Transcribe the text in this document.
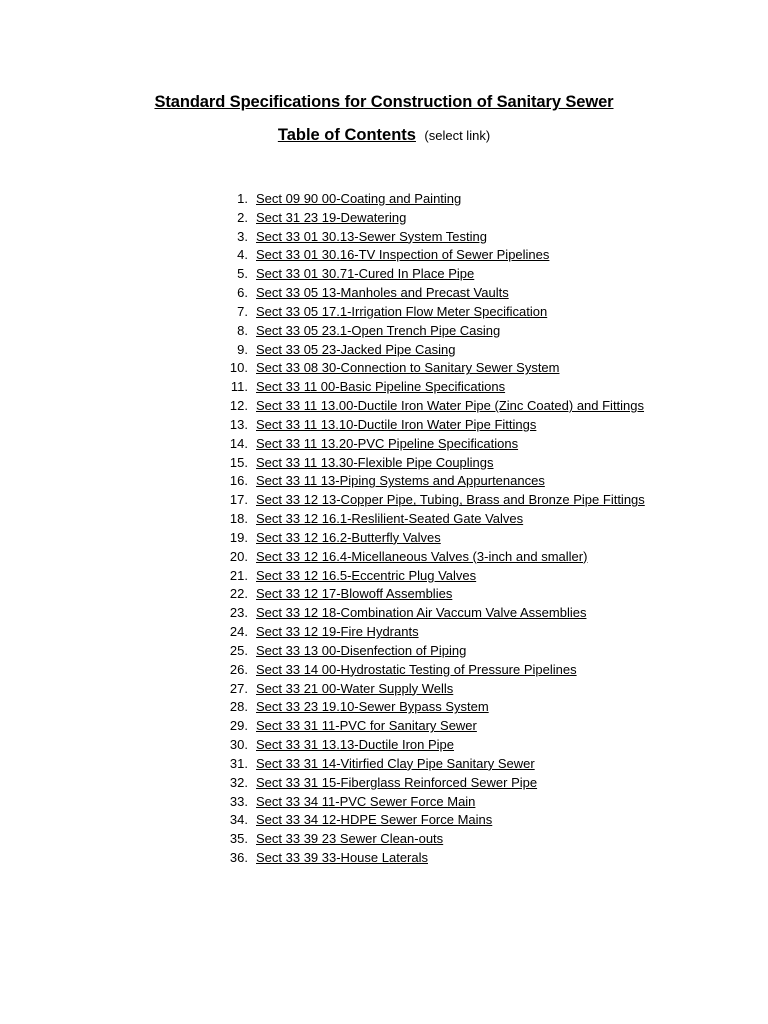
Standard Specifications for Construction of Sanitary Sewer
Table of Contents (select link)
1. Sect 09 90 00-Coating and Painting
2. Sect 31 23 19-Dewatering
3. Sect 33 01 30.13-Sewer System Testing
4. Sect 33 01 30.16-TV Inspection of Sewer Pipelines
5. Sect 33 01 30.71-Cured In Place Pipe
6. Sect 33 05 13-Manholes and Precast Vaults
7. Sect 33 05 17.1-Irrigation Flow Meter Specification
8. Sect 33 05 23.1-Open Trench Pipe Casing
9. Sect 33 05 23-Jacked Pipe Casing
10. Sect 33 08 30-Connection to Sanitary Sewer System
11. Sect 33 11 00-Basic Pipeline Specifications
12. Sect 33 11 13.00-Ductile Iron Water Pipe (Zinc Coated) and Fittings
13. Sect 33 11 13.10-Ductile Iron Water Pipe Fittings
14. Sect 33 11 13.20-PVC Pipeline Specifications
15. Sect 33 11 13.30-Flexible Pipe Couplings
16. Sect 33 11 13-Piping Systems and Appurtenances
17. Sect 33 12 13-Copper Pipe, Tubing, Brass and Bronze Pipe Fittings
18. Sect 33 12 16.1-Reslilient-Seated Gate Valves
19. Sect 33 12 16.2-Butterfly Valves
20. Sect 33 12 16.4-Micellaneous Valves (3-inch and smaller)
21. Sect 33 12 16.5-Eccentric Plug Valves
22. Sect 33 12 17-Blowoff Assemblies
23. Sect 33 12 18-Combination Air Vaccum Valve Assemblies
24. Sect 33 12 19-Fire Hydrants
25. Sect 33 13 00-Disenfection of Piping
26. Sect 33 14 00-Hydrostatic Testing of Pressure Pipelines
27. Sect 33 21 00-Water Supply Wells
28. Sect 33 23 19.10-Sewer Bypass System
29. Sect 33 31 11-PVC for Sanitary Sewer
30. Sect 33 31 13.13-Ductile Iron Pipe
31. Sect 33 31 14-Vitirfied Clay Pipe Sanitary Sewer
32. Sect 33 31 15-Fiberglass Reinforced Sewer Pipe
33. Sect 33 34 11-PVC Sewer Force Main
34. Sect 33 34 12-HDPE Sewer Force Mains
35. Sect 33 39 23 Sewer Clean-outs
36. Sect 33 39 33-House Laterals
